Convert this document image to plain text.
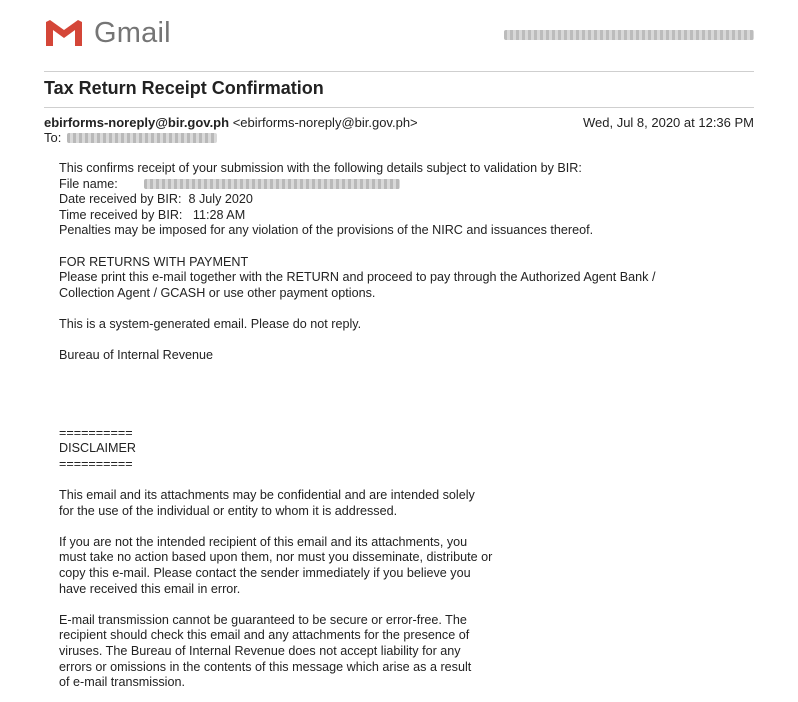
Gmail
Tax Return Receipt Confirmation
ebirforms-noreply@bir.gov.ph <ebirforms-noreply@bir.gov.ph>	Wed, Jul 8, 2020 at 12:36 PM
To:

This confirms receipt of your submission with the following details subject to validation by BIR:

File name:

Date received by BIR: 8 July 2020

Time received by BIR: 11:28 AM

Penalties may be imposed for any violation of the provisions of the NIRC and issuances thereof.

FOR RETURNS WITH PAYMENT

Please print this e-mail together with the RETURN and proceed to pay through the Authorized Agent Bank /

Collection Agent / GCASH or use other payment options.

This is a system-generated email. Please do not reply.

Bureau of Internal Revenue

==========

DISCLAIMER

==========

This email and its attachments may be confidential and are intended solely

for the use of the individual or entity to whom it is addressed.

If you are not the intended recipient of this email and its attachments, you

must take no action based upon them, nor must you disseminate, distribute or

copy this e-mail. Please contact the sender immediately if you believe you

have received this email in error.

E-mail transmission cannot be guaranteed to be secure or error-free. The

recipient should check this email and any attachments for the presence of

viruses. The Bureau of Internal Revenue does not accept liability for any

errors or omissions in the contents of this message which arise as a result

of e-mail transmission.
